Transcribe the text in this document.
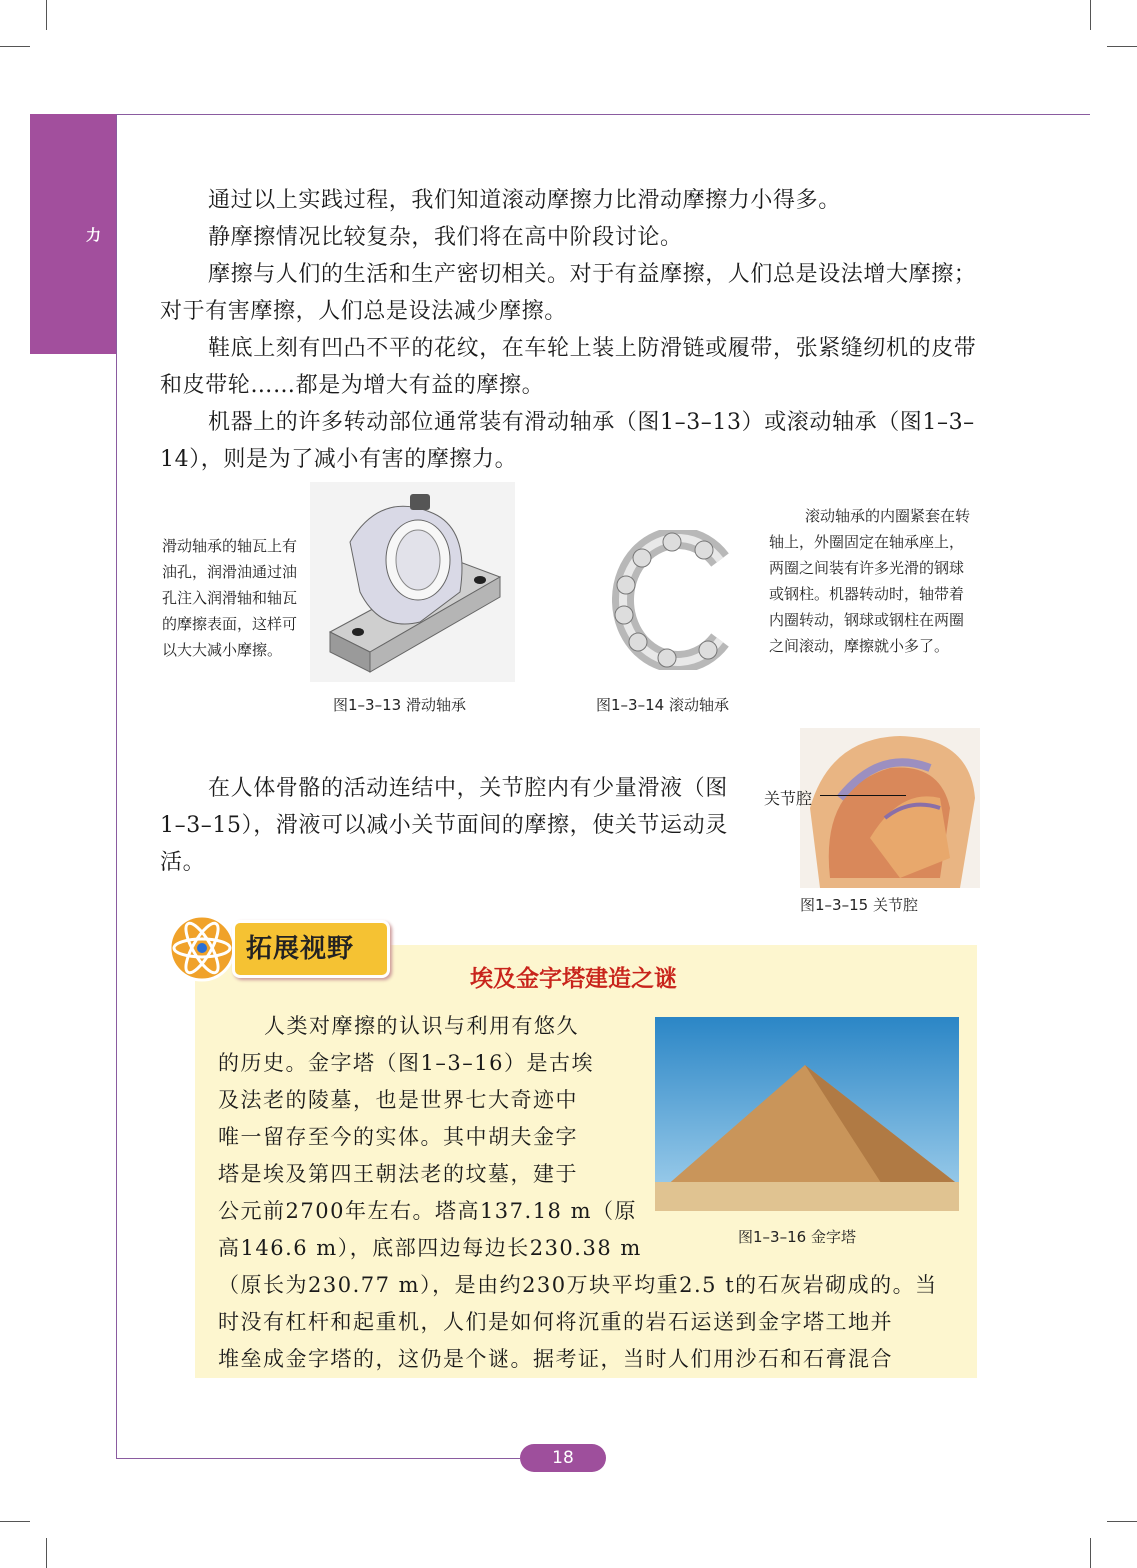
力

通过以上实践过程，我们知道滚动摩擦力比滑动摩擦力小得多。

静摩擦情况比较复杂，我们将在高中阶段讨论。

摩擦与人们的生活和生产密切相关。对于有益摩擦，人们总是设法增大摩擦；对于有害摩擦，人们总是设法减少摩擦。

鞋底上刻有凹凸不平的花纹，在车轮上装上防滑链或履带，张紧缝纫机的皮带和皮带轮……都是为增大有益的摩擦。

机器上的许多转动部位通常装有滑动轴承（图1–3–13）或滚动轴承（图1–3–14），则是为了减小有害的摩擦力。

滑动轴承的轴瓦上有油孔，润滑油通过油孔注入润滑轴和轴瓦的摩擦表面，这样可以大大减小摩擦。
图1–3–13 滑动轴承
滚动轴承的内圈紧套在转轴上，外圈固定在轴承座上，两圈之间装有许多光滑的钢球或钢柱。机器转动时，轴带着内圈转动，钢球或钢柱在两圈之间滚动，摩擦就小多了。
图1–3–14 滚动轴承

在人体骨骼的活动连结中，关节腔内有少量滑液（图1–3–15），滑液可以减小关节面间的摩擦，使关节运动灵活。

关节腔
图1–3–15 关节腔
拓展视野
埃及金字塔建造之谜
图1–3–16 金字塔
人类对摩擦的认识与利用有悠久
的历史。金字塔（图1–3–16）是古埃
及法老的陵墓，也是世界七大奇迹中
唯一留存至今的实体。其中胡夫金字
塔是埃及第四王朝法老的坟墓，建于
公元前2700年左右。塔高137.18 m（原
高146.6 m），底部四边每边长230.38 m
（原长为230.77 m），是由约230万块平均重2.5 t的石灰岩砌成的。当
时没有杠杆和起重机，人们是如何将沉重的岩石运送到金字塔工地并
堆垒成金字塔的，这仍是个谜。据考证，当时人们用沙石和石膏混合
18
